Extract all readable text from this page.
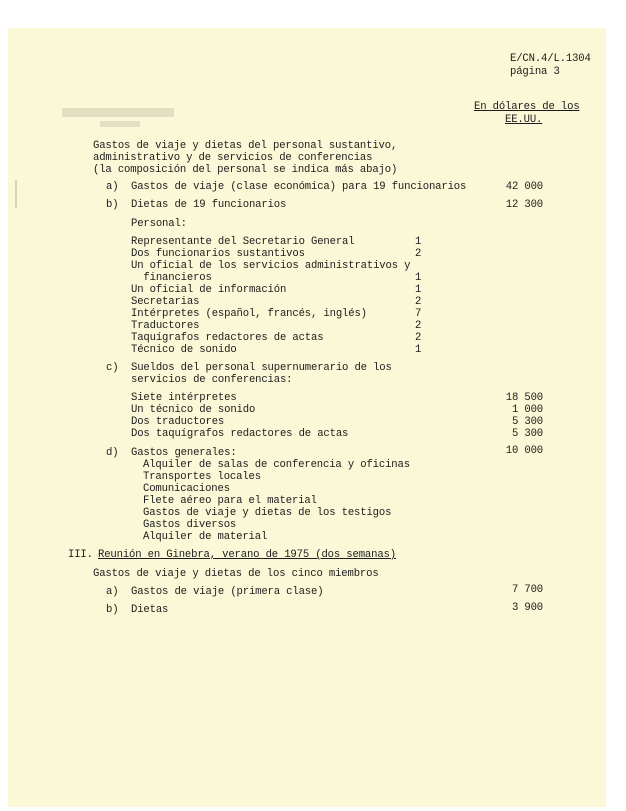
E/CN.4/L.1304
página 3
En dólares de los
EE.UU.
Gastos de viaje y dietas del personal sustantivo,
administrativo y de servicios de conferencias
(la composición del personal se indica más abajo)
a) Gastos de viaje (clase económica) para 19 funcionarios	42 000
b) Dietas de 19 funcionarios	12 300
Personal:
Representante del Secretario General	1
Dos funcionarios sustantivos	2
Un oficial de los servicios administrativos y
financieros	1
Un oficial de información	1
Secretarias	2
Intérpretes (español, francés, inglés)	7
Traductores	2
Taquígrafos redactores de actas	2
Técnico de sonido	1
c) Sueldos del personal supernumerario de los
servicios de conferencias:
Siete intérpretes	18 500
Un técnico de sonido	1 000
Dos traductores	5 300
Dos taquígrafos redactores de actas	5 300
d) Gastos generales:	10 000
Alquiler de salas de conferencia y oficinas
Transportes locales
Comunicaciones
Flete aéreo para el material
Gastos de viaje y dietas de los testigos
Gastos diversos
Alquiler de material
III. Reunión en Ginebra, verano de 1975 (dos semanas)
Gastos de viaje y dietas de los cinco miembros
a) Gastos de viaje (primera clase)	7 700
b) Dietas	3 900
